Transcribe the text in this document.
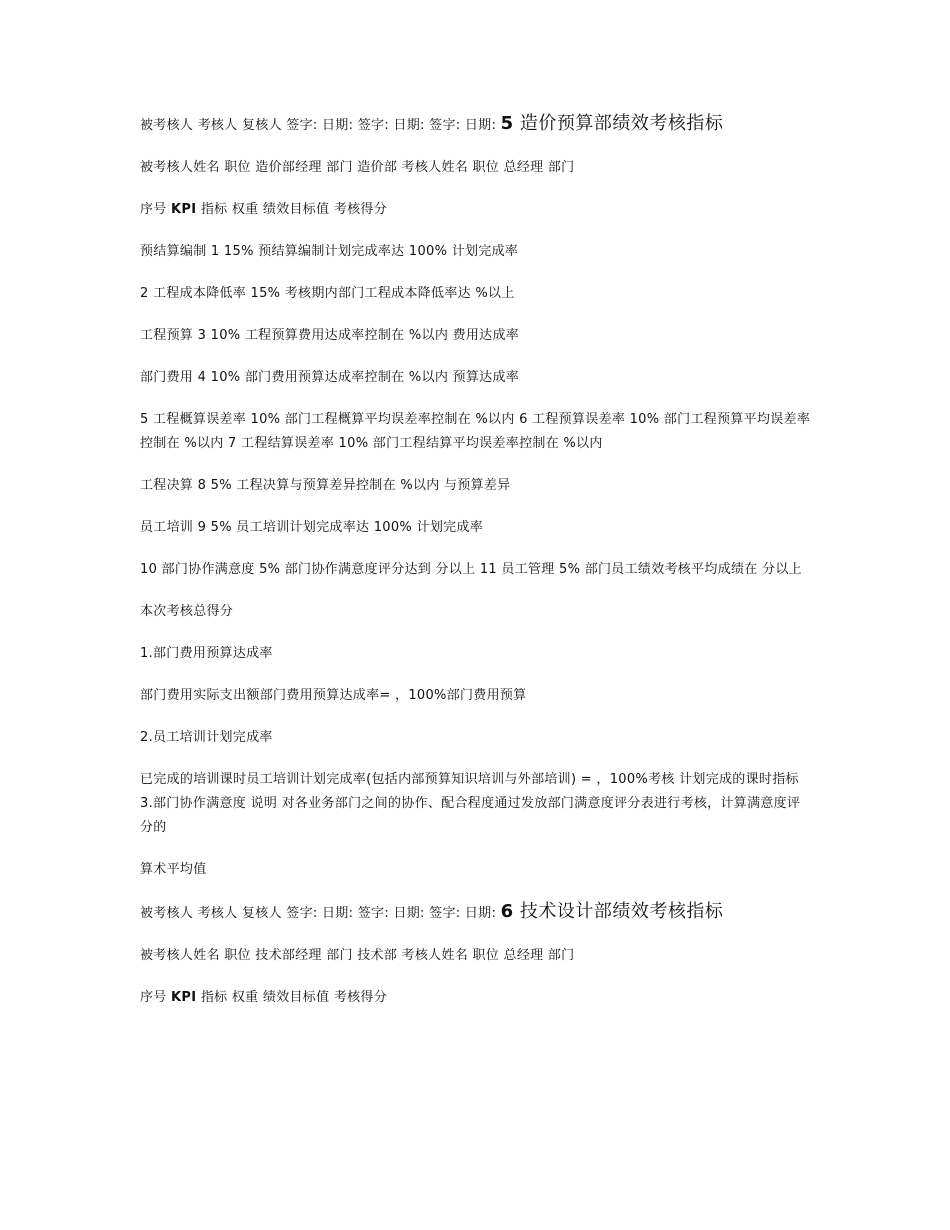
被考核人 考核人 复核人 签字: 日期: 签字: 日期: 签字: 日期: 5 造价预算部绩效考核指标

被考核人姓名 职位 造价部经理 部门 造价部 考核人姓名 职位 总经理 部门

序号 KPI 指标 权重 绩效目标值 考核得分

预结算编制 1 15% 预结算编制计划完成率达 100% 计划完成率

2 工程成本降低率 15% 考核期内部门工程成本降低率达 %以上

工程预算 3 10% 工程预算费用达成率控制在 %以内 费用达成率

部门费用 4 10% 部门费用预算达成率控制在 %以内 预算达成率

5 工程概算误差率 10% 部门工程概算平均误差率控制在 %以内 6 工程预算误差率 10% 部门工程预算平均误差率控制在 %以内 7 工程结算误差率 10% 部门工程结算平均误差率控制在 %以内

工程决算 8 5% 工程决算与预算差异控制在 %以内 与预算差异

员工培训 9 5% 员工培训计划完成率达 100% 计划完成率

10 部门协作满意度 5% 部门协作满意度评分达到 分以上 11 员工管理 5% 部门员工绩效考核平均成绩在 分以上

本次考核总得分

1.部门费用预算达成率

部门费用实际支出额部门费用预算达成率= ，100%部门费用预算

2.员工培训计划完成率

已完成的培训课时员工培训计划完成率(包括内部预算知识培训与外部培训) = ，100%考核 计划完成的课时指标 3.部门协作满意度 说明 对各业务部门之间的协作、配合程度通过发放部门满意度评分表进行考核，计算满意度评分的

算术平均值

被考核人 考核人 复核人 签字: 日期: 签字: 日期: 签字: 日期: 6 技术设计部绩效考核指标

被考核人姓名 职位 技术部经理 部门 技术部 考核人姓名 职位 总经理 部门

序号 KPI 指标 权重 绩效目标值 考核得分
